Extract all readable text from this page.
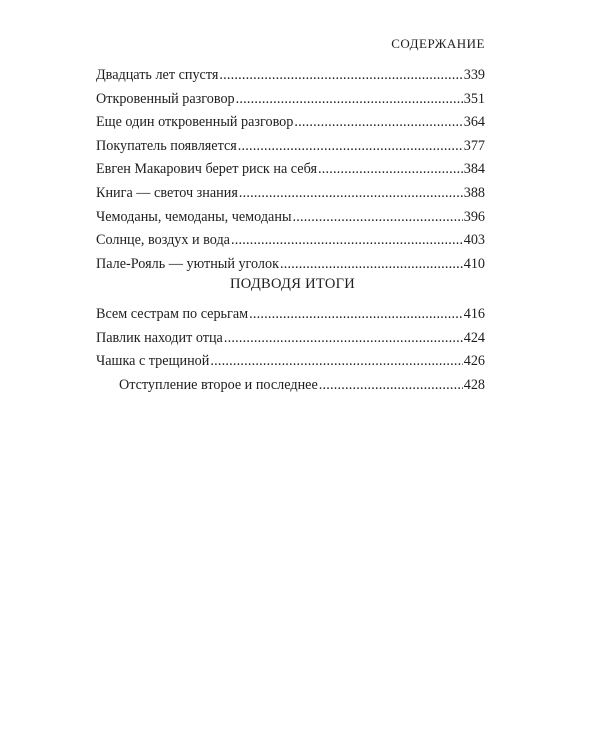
СОДЕРЖАНИЕ
Двадцать лет спустя .....	339
Откровенный разговор .....	351
Еще один откровенный разговор .....	364
Покупатель появляется .....	377
Евген Макарович берет риск на себя .....	384
Книга — светоч знания .....	388
Чемоданы, чемоданы, чемоданы .....	396
Солнце, воздух и вода .....	403
Пале-Рояль — уютный уголок .....	410
ПОДВОДЯ ИТОГИ
Всем сестрам по серьгам .....	416
Павлик находит отца .....	424
Чашка с трещиной .....	426
Отступление второе и последнее .....	428
